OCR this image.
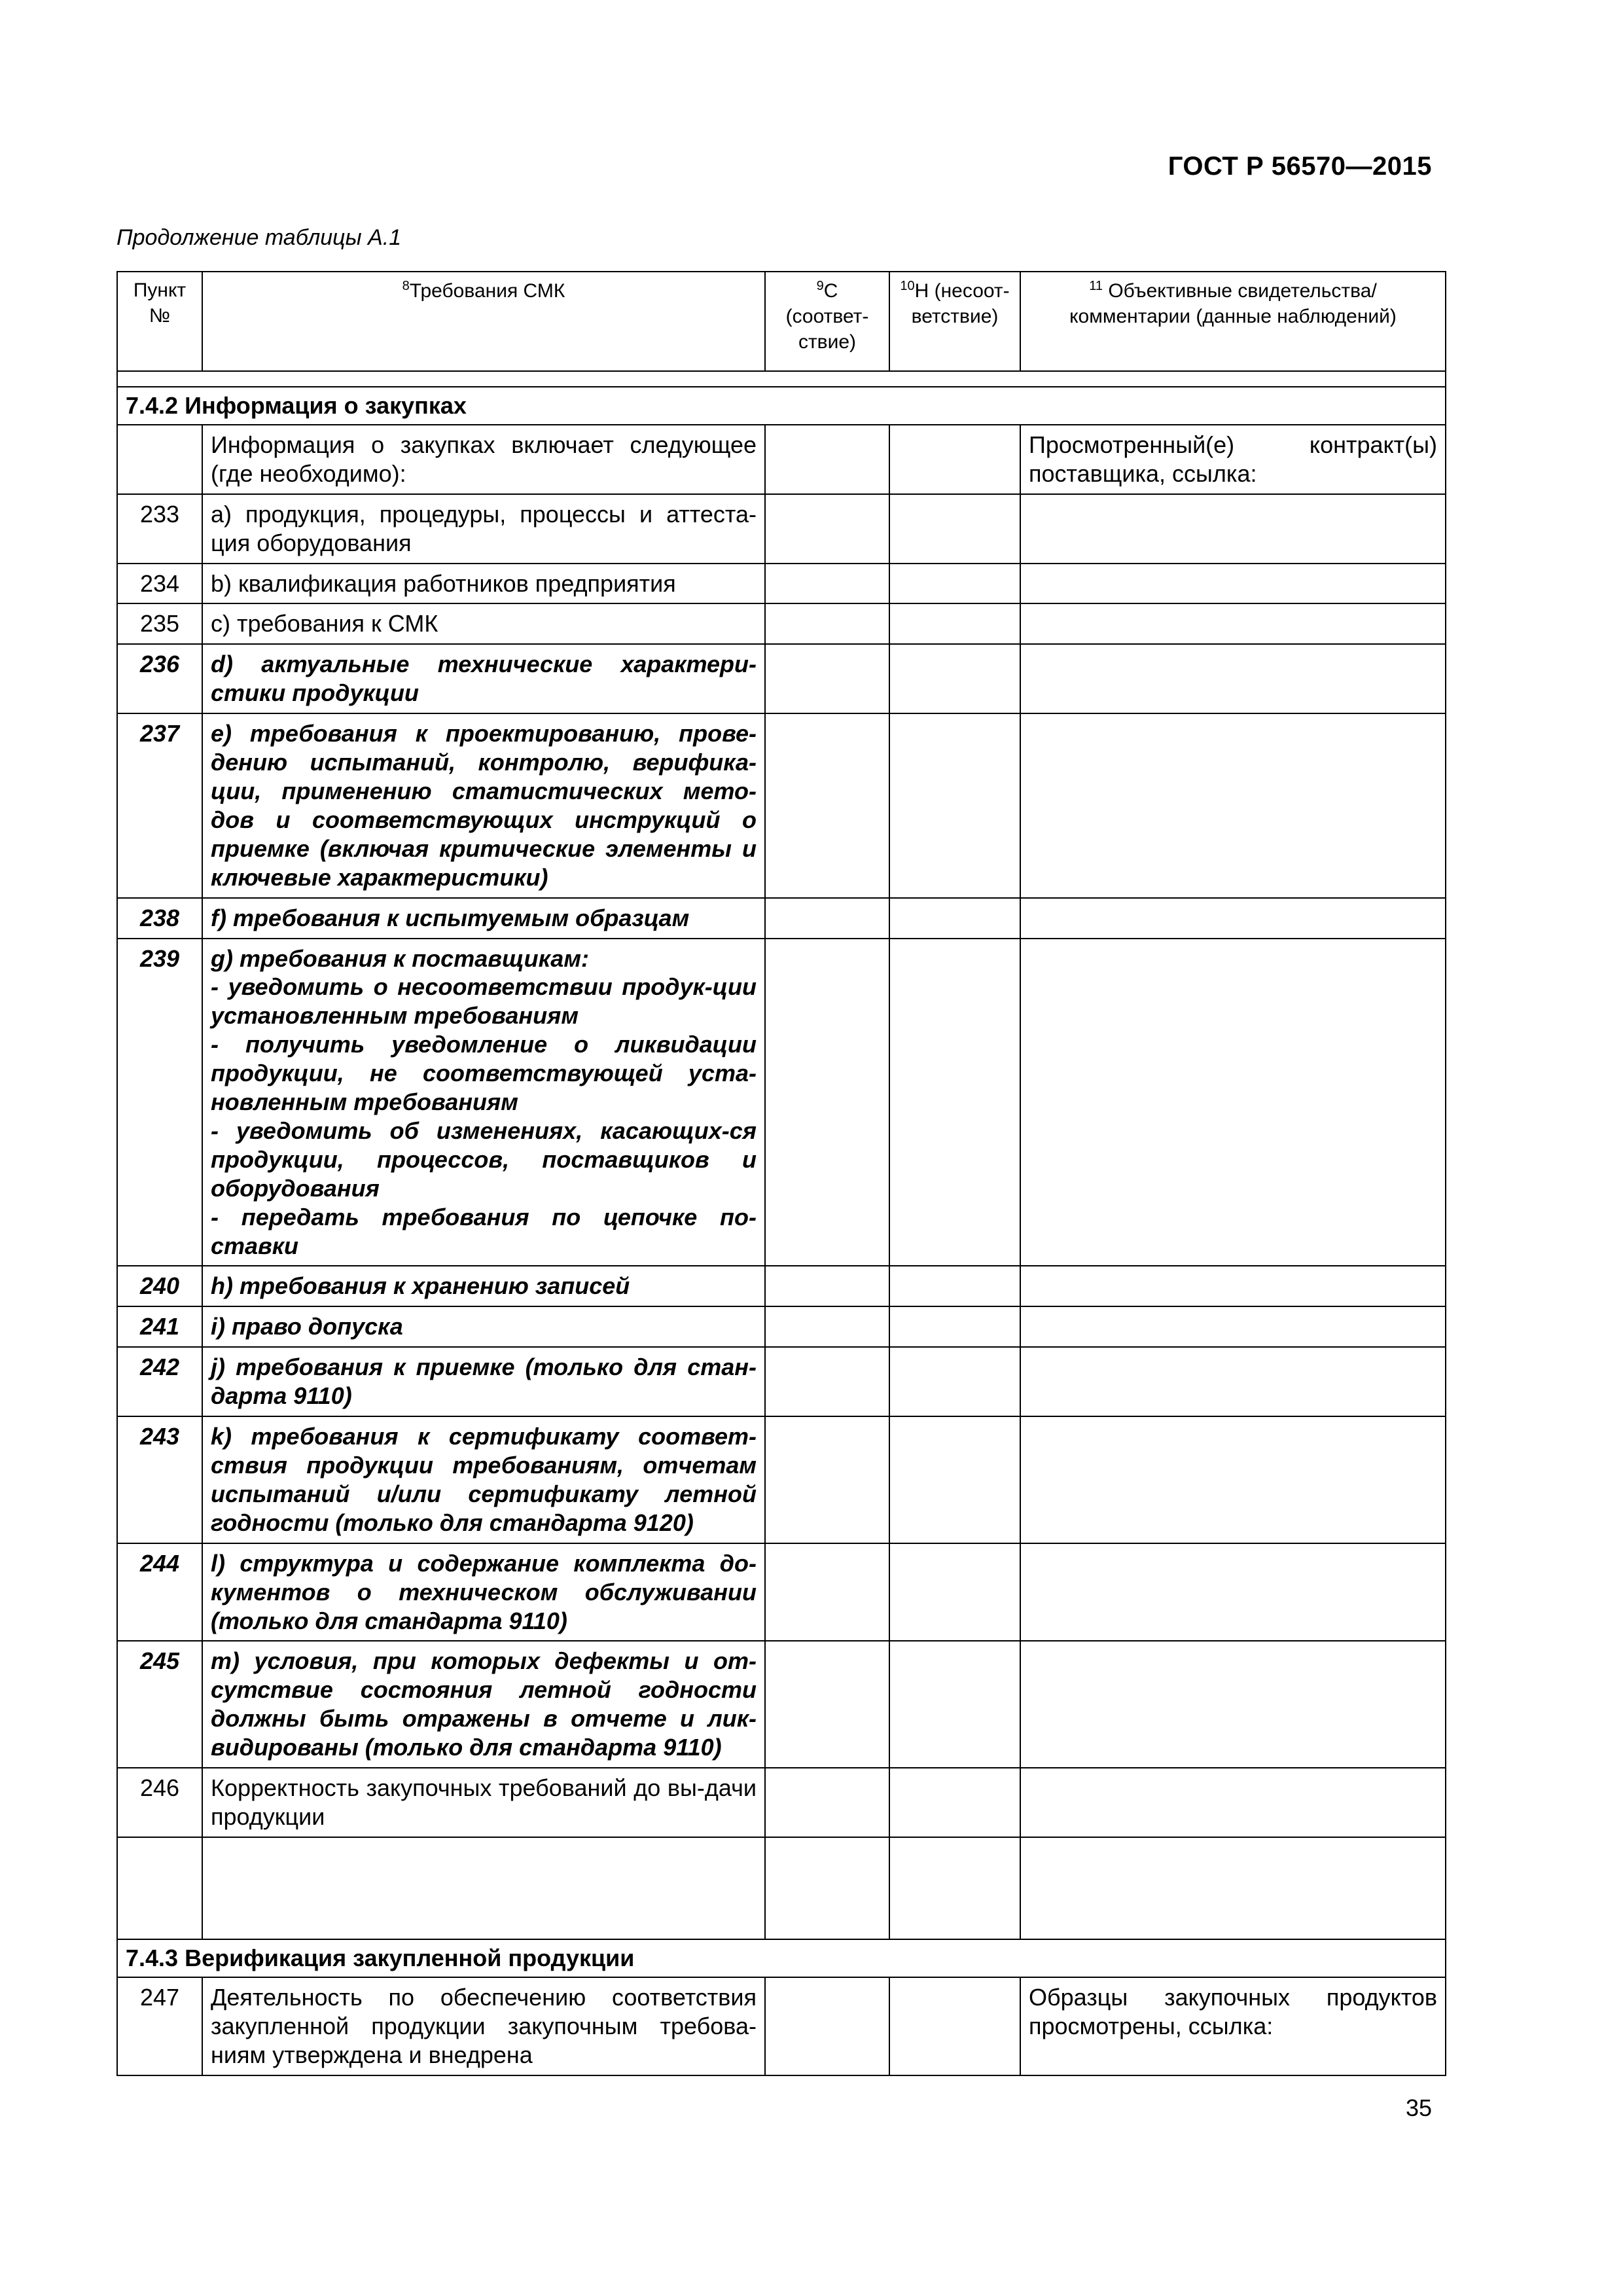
ГОСТ Р 56570—2015
Продолжение таблицы А.1
Пункт №	$^8$Требования СМК	$^9$С (соответ-ствие)	$^{10}$Н (несоот-ветствие)	$^{11}$ Объективные свидетельства/ комментарии (данные наблюдений)

7.4.2 Информация о закупках				
	Информация о закупках включает следующее (где необходимо):			Просмотренный(е) контракт(ы) поставщика, ссылка:
233	a) продукция, процедуры, процессы и аттеста-ция оборудования			
234	b) квалификация работников предприятия			
235	c) требования к СМК			
236	d) актуальные технические характери-стики продукции			
237	e) требования к проектированию, прове-дению испытаний, контролю, верифика-ции, применению статистических мето-дов и соответствующих инструкций о приемке (включая критические элементы и ключевые характеристики)			
238	f) требования к испытуемым образцам			
239	g) требования к поставщикам:
- уведомить о несоответствии продук-ции установленным требованиям
- получить уведомление о ликвидации продукции, не соответствующей уста-новленным требованиям
- уведомить об изменениях, касающих-ся продукции, процессов, поставщиков и оборудования
- передать требования по цепочке по-ставки			

240	h) требования к хранению записей			
241	i) право допуска			
242	j) требования к приемке (только для стан-дарта 9110)			
243	k) требования к сертификату соответ-ствия продукции требованиям, отчетам испытаний и/или сертификату летной годности (только для стандарта 9120)			
244	l) структура и содержание комплекта до-кументов о техническом обслуживании (только для стандарта 9110)			
245	m) условия, при которых дефекты и от-сутствие состояния летной годности должны быть отражены в отчете и лик-видированы (только для стандарта 9110)			
246	Корректность закупочных требований до вы-дачи продукции			

7.4.3 Верификация закупленной продукции				
247	Деятельность по обеспечению соответствия закупленной продукции закупочным требова-ниям утверждена и внедрена			Образцы закупочных продуктов просмотрены, ссылка:
35
